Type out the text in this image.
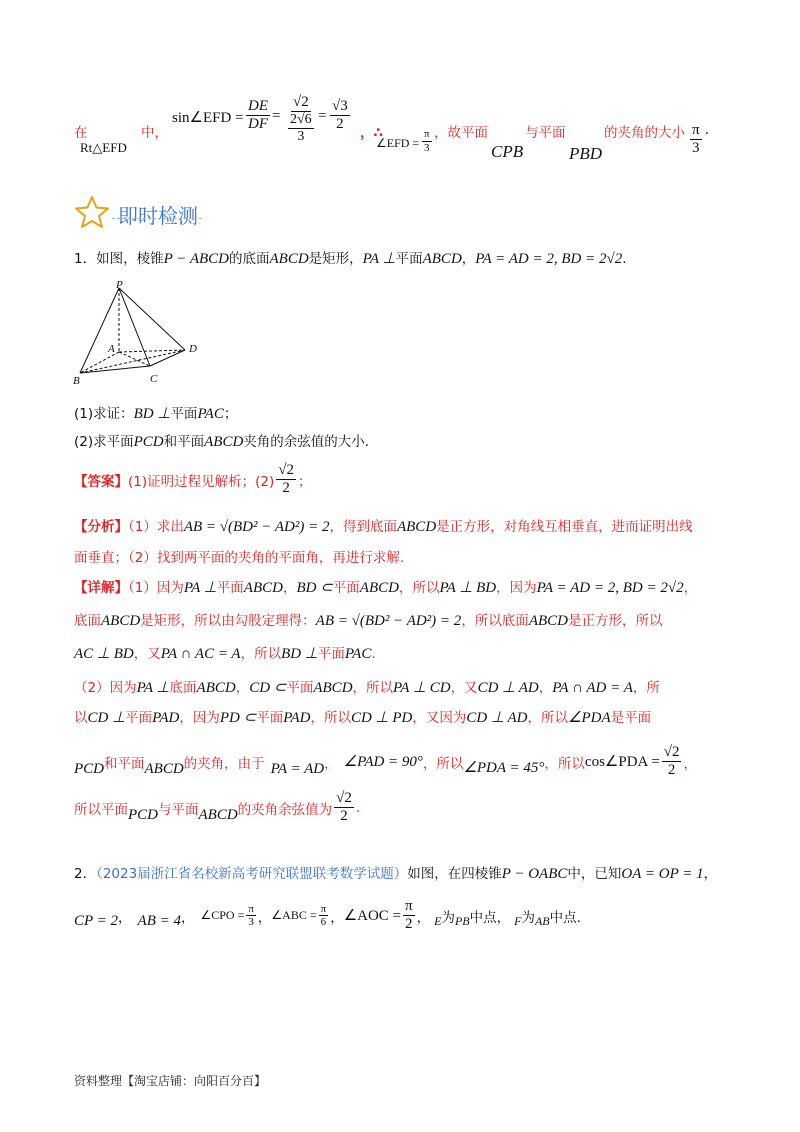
在	中，
Rt△EFD
sin∠EFD = $\frac{DE}{DF} = \frac{√2}{\frac{2√6}{3}} = \frac{√3}{2}$ ，∴
∠EFD = $\frac{\pi}{3}$ ，故平面
CPB
与平面
PBD
的夹角的大小 $\frac{\pi}{3}$ .
即时检测
1．如图，棱锥P − ABCD的底面ABCD是矩形，PA ⊥平面ABCD，PA = AD = 2, BD = 2√2.
P
A
B	C
D
(1)求证：BD ⊥平面PAC；
(2)求平面PCD和平面ABCD夹角的余弦值的大小.
【答案】 (1)证明过程见解析；$(2) \frac{√2}{2}$ ；
【分析】（1）求出AB = √(BD² − AD²) = 2，得到底面ABCD是正方形，对角线互相垂直，进而证明出线
面垂直；（2）找到两平面的夹角的平面角，再进行求解.
【详解】（1）因为PA ⊥平面ABCD，BD ⊂平面ABCD，所以PA ⊥ BD，因为PA = AD = 2, BD = 2√2，
底面ABCD是矩形，所以由勾股定理得：AB = √(BD² − AD²) = 2，所以底面ABCD是正方形，所以
AC ⊥ BD，又PA ∩ AC = A，所以BD ⊥平面PAC.
（2）因为PA ⊥底面ABCD，CD ⊂平面ABCD，所以PA ⊥ CD，又CD ⊥ AD，PA ∩ AD = A，所
以CD ⊥平面PAD，因为PD ⊂平面PAD，所以CD ⊥ PD，又因为CD ⊥ AD，所以∠PDA是平面
PCD 和平面 ABCD 的夹角，由于 PA = AD ， ∠PAD = 90° ，所以 ∠PDA = 45° ，所以 cos∠PDA = $\frac{√2}{2}$ ，
所以平面 PCD 与平面 ABCD 的夹角余弦值为 $\frac{√2}{2}$ .
2．（2023届浙江省名校新高考研究联盟联考数学试题）如图，在四棱锥P − OABC中，已知OA = OP = 1，
CP = 2 ， AB = 4 ， ∠CPO = $\frac{\pi}{3}$ ， ∠ABC = $\frac{\pi}{6}$ ， ∠AOC = $\frac{\pi}{2}$ ， E 为 PB 中点， F 为 AB 中点.
资料整理【淘宝店铺：向阳百分百】
